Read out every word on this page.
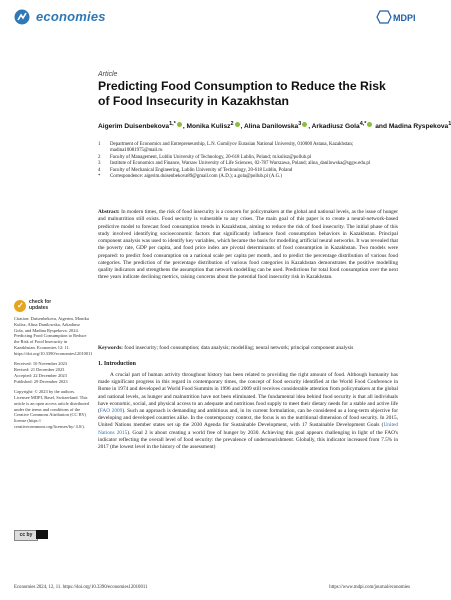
economies	MDPI
Article
Predicting Food Consumption to Reduce the Risk of Food Insecurity in Kazakhstan
Aigerim Duisenbekova$^{1,*}$ , Monika Kulisz$^2$ , Alina Danilowska$^3$ , Arkadiusz Gola$^{4,*}$ and Madina Ryspekova$^1$
1	Department of Economics and Entrepreneurship, L.N. Gumilyov Eurasian National University, 010000 Astana, Kazakhstan; madina10081975@mail.ru
2	Faculty of Management, Lublin University of Technology, 20-618 Lublin, Poland; m.kulisz@pollub.pl
3	Institute of Economics and Finance, Warsaw University of Life Sciences, 02-787 Warszawa, Poland; alina_danilowska@sggw.edu.pl
4	Faculty of Mechanical Engineering, Lublin University of Technology, 20-618 Lublin, Poland
*	Correspondence: aigerim.duisenbekova89@gmail.com (A.D.); a.gola@pollub.pl (A.G.)
Abstract: In modern times, the risk of food insecurity is a concern for policymakers at the global and national levels, as the issue of hunger and malnutrition still exists. Food security is vulnerable to any crises. The main goal of this paper is to create a neural-network-based predictive model to forecast food consumption trends in Kazakhstan, aiming to reduce the risk of food insecurity. The initial phase of this study involved identifying socioeconomic factors that significantly influence food consumption behaviors in Kazakhstan. Principal component analysis was used to identify key variables, which became the basis for modelling artificial neural networks. It was revealed that the poverty rate, GDP per capita, and food price index are pivotal determinants of food consumption in Kazakhstan. Two models were prepared: to predict food consumption on a national scale per capita per month, and to predict the percentage distribution of various food categories. The prediction of the percentage distribution of various food categories in Kazakhstan demonstrates the positive modelling quality indicators and strengthens the assumption that network modelling can be used. Predictions for total food consumption over the next three years indicate declining metrics, raising concerns about the potential food insecurity risk in Kazakhstan.
Keywords: food insecurity; food consumption; data analysis; modelling; neural network; principal component analysis
1. Introduction
A crucial part of human activity throughout history has been related to providing the right amount of food. Although humanity has made significant progress in this regard in contemporary times, the concept of food security identified at the World Food Conference in Rome in 1974 and developed at World Food Summits in 1996 and 2009 still receives considerable attention from policymakers at the global and national levels, as hunger and malnutrition have not been eliminated. The fundamental idea behind food security is that all individuals have economic, social, and physical access to an adequate and nutritious food supply to meet their dietary needs for a stable and active life (FAO 2009). Such an approach is demanding and ambitious and, in its current formulation, can be considered as a long-term objective for developing and developed countries alike. In the contemporary context, the focus is on the nutritional dimension of food security. In 2015, United Nations member states set up the 2030 Agenda for Sustainable Development, with 17 Sustainable Development Goals (United Nations 2015). Goal 2 is about creating a world free of hunger by 2030. Achieving this goal appears challenging in light of the FAO's indicator reflecting the overall level of food security: the prevalence of undernourishment. Globally, this indicator increased from 7.5% in 2017 (the lowest level in the history of the assessment)
✓ check for
updates
Citation: Duisenbekova, Aigerim, Monika Kulisz, Alina Danilowska, Arkadiusz Gola, and Madina Ryspekova. 2024. Predicting Food Consumption to Reduce the Risk of Food Insecurity in Kazakhstan. Economies 12: 11. https://doi.org/10.3390/economies12010011
Received: 10 November 2023
Revised: 21 December 2023
Accepted: 22 December 2023
Published: 29 December 2023
Copyright: © 2023 by the authors. Licensee MDPI, Basel, Switzerland. This article is an open access article distributed under the terms and conditions of the Creative Commons Attribution (CC BY) license (https:// creativecommons.org/licenses/by/ 4.0/).
cc by
Economies 2024, 12, 11. https://doi.org/10.3390/economies12010011	https://www.mdpi.com/journal/economies
